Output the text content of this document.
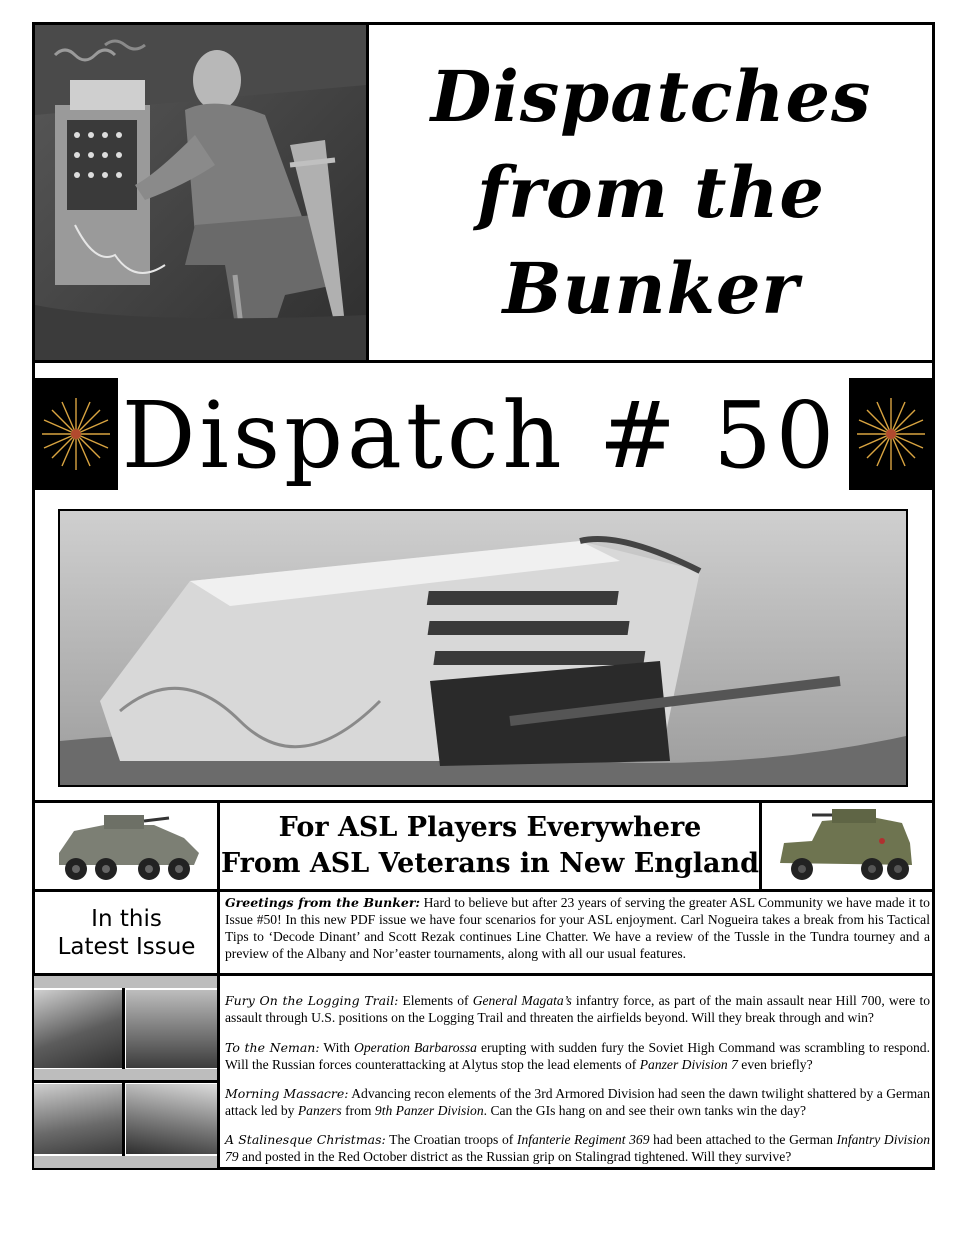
Dispatches
from the
Bunker
Dispatch # 50
For ASL Players Everywhere
From ASL Veterans in New England
In this
Latest Issue
Greetings from the Bunker: Hard to believe but after 23 years of serving the greater ASL Community we have made it to Issue #50! In this new PDF issue we have four scenarios for your ASL enjoyment. Carl Nogueira takes a break from his Tactical Tips to ‘Decode Dinant’ and Scott Rezak continues Line Chatter. We have a review of the Tussle in the Tundra tourney and a preview of the Albany and Nor’easter tournaments, along with all our usual features.
Fury On the Logging Trail: Elements of General Magata’s infantry force, as part of the main assault near Hill 700, were to assault through U.S. positions on the Logging Trail and threaten the airfields beyond. Will they break through and win?
To the Neman: With Operation Barbarossa erupting with sudden fury the Soviet High Command was scrambling to respond. Will the Russian forces counterattacking at Alytus stop the lead elements of Panzer Division 7 even briefly?
Morning Massacre: Advancing recon elements of the 3rd Armored Division had seen the dawn twilight shattered by a German attack led by Panzers from 9th Panzer Division. Can the GIs hang on and see their own tanks win the day?
A Stalinesque Christmas: The Croatian troops of Infanterie Regiment 369 had been attached to the German Infantry Division 79 and posted in the Red October district as the Russian grip on Stalingrad tightened. Will they survive?
